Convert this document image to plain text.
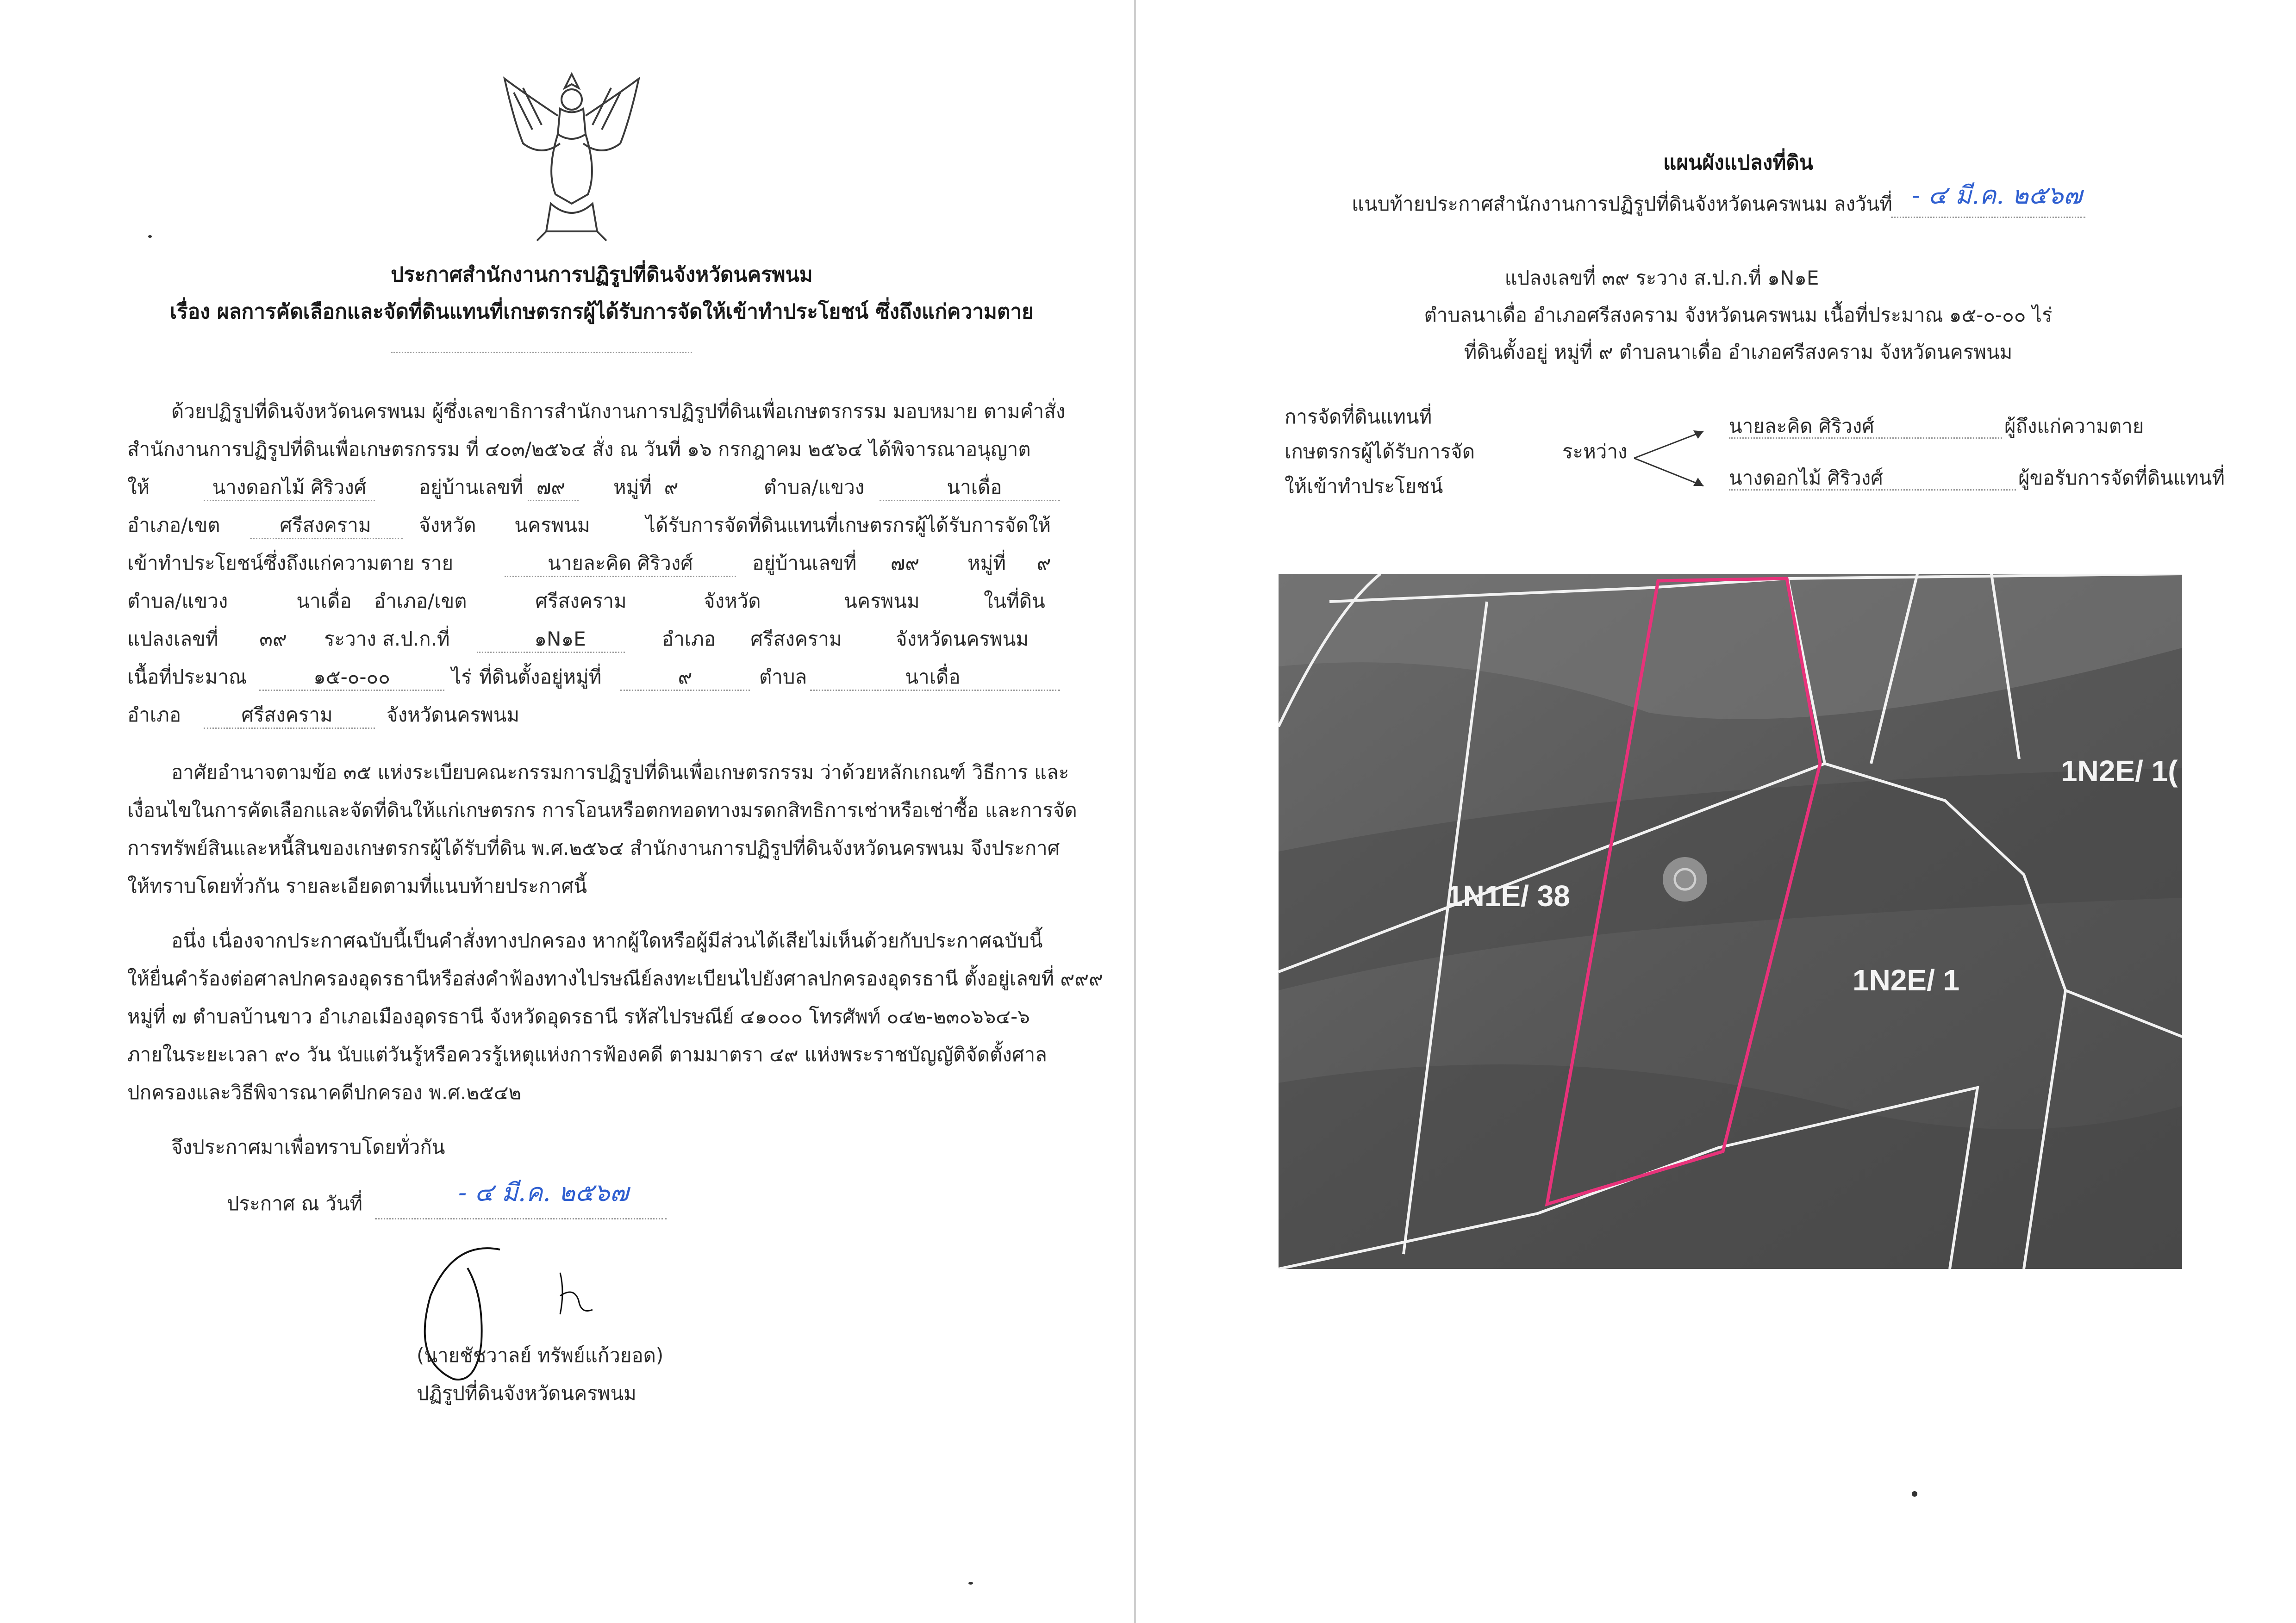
ประกาศสำนักงานการปฏิรูปที่ดินจังหวัดนครพนม
เรื่อง ผลการคัดเลือกและจัดที่ดินแทนที่เกษตรกรผู้ได้รับการจัดให้เข้าทำประโยชน์ ซึ่งถึงแก่ความตาย
ด้วยปฏิรูปที่ดินจังหวัดนครพนม ผู้ซึ่งเลขาธิการสำนักงานการปฏิรูปที่ดินเพื่อเกษตรกรรม มอบหมาย ตามคำสั่ง
สำนักงานการปฏิรูปที่ดินเพื่อเกษตรกรรม ที่ ๔๐๓/๒๕๖๔ สั่ง ณ วันที่ ๑๖ กรกฎาคม ๒๕๖๔ ได้พิจารณาอนุญาต
ให้	นางดอกไม้ ศิริวงศ์	อยู่บ้านเลขที่ ๗๙ หมู่ที่ ๙	ตำบล/แขวง	นาเดื่อ
อำเภอ/เขต	ศรีสงคราม จังหวัด นครพนม	ได้รับการจัดที่ดินแทนที่เกษตรกรผู้ได้รับการจัดให้
เข้าทำประโยชน์ซึ่งถึงแก่ความตาย ราย	นายละคิด ศิริวงศ์	อยู่บ้านเลขที่ ๗๙ หมู่ที่ ๙
ตำบล/แขวง	นาเดื่อ อำเภอ/เขต	ศรีสงคราม	จังหวัด	นครพนม	ในที่ดิน
แปลงเลขที่ ๓๙ ระวาง ส.ป.ก.ที่	๑N๑E	อำเภอ ศรีสงคราม	จังหวัดนครพนม
เนื้อที่ประมาณ	๑๕-๐-๐๐	ไร่ ที่ดินตั้งอยู่หมู่ที่	๙	ตำบล	นาเดื่อ
อำเภอ	ศรีสงคราม	จังหวัดนครพนม
อาศัยอำนาจตามข้อ ๓๕ แห่งระเบียบคณะกรรมการปฏิรูปที่ดินเพื่อเกษตรกรรม ว่าด้วยหลักเกณฑ์ วิธีการ และ
เงื่อนไขในการคัดเลือกและจัดที่ดินให้แก่เกษตรกร การโอนหรือตกทอดทางมรดกสิทธิการเช่าหรือเช่าซื้อ และการจัด
การทรัพย์สินและหนี้สินของเกษตรกรผู้ได้รับที่ดิน พ.ศ.๒๕๖๔ สำนักงานการปฏิรูปที่ดินจังหวัดนครพนม จึงประกาศ
ให้ทราบโดยทั่วกัน รายละเอียดตามที่แนบท้ายประกาศนี้
อนึ่ง เนื่องจากประกาศฉบับนี้เป็นคำสั่งทางปกครอง หากผู้ใดหรือผู้มีส่วนได้เสียไม่เห็นด้วยกับประกาศฉบับนี้
ให้ยื่นคำร้องต่อศาลปกครองอุดรธานีหรือส่งคำฟ้องทางไปรษณีย์ลงทะเบียนไปยังศาลปกครองอุดรธานี ตั้งอยู่เลขที่ ๙๙๙
หมู่ที่ ๗ ตำบลบ้านขาว อำเภอเมืองอุดรธานี จังหวัดอุดรธานี รหัสไปรษณีย์ ๔๑๐๐๐ โทรศัพท์ ๐๔๒-๒๓๐๖๖๔-๖
ภายในระยะเวลา ๙๐ วัน นับแต่วันรู้หรือควรรู้เหตุแห่งการฟ้องคดี ตามมาตรา ๔๙ แห่งพระราชบัญญัติจัดตั้งศาล
ปกครองและวิธีพิจารณาคดีปกครอง พ.ศ.๒๕๔๒
จึงประกาศมาเพื่อทราบโดยทั่วกัน
ประกาศ ณ วันที่	- ๔ มี.ค. ๒๕๖๗
(นายชัชวาลย์ ทรัพย์แก้วยอด)
ปฏิรูปที่ดินจังหวัดนครพนม
แผนผังแปลงที่ดิน
แนบท้ายประกาศสำนักงานการปฏิรูปที่ดินจังหวัดนครพนม ลงวันที่ - ๔ มี.ค. ๒๕๖๗
แปลงเลขที่ ๓๙ ระวาง ส.ป.ก.ที่ ๑N๑E
ตำบลนาเดื่อ อำเภอศรีสงคราม จังหวัดนครพนม เนื้อที่ประมาณ ๑๕-๐-๐๐ ไร่
ที่ดินตั้งอยู่ หมู่ที่ ๙ ตำบลนาเดื่อ อำเภอศรีสงคราม จังหวัดนครพนม
การจัดที่ดินแทนที่
เกษตรกรผู้ได้รับการจัด
ให้เข้าทำประโยชน์
ระหว่าง
นายละคิด ศิริวงศ์	ผู้ถึงแก่ความตาย
นางดอกไม้ ศิริวงศ์	ผู้ขอรับการจัดที่ดินแทนที่
1N1E/ 38
1N2E/ 1
1N2E/ 1(
